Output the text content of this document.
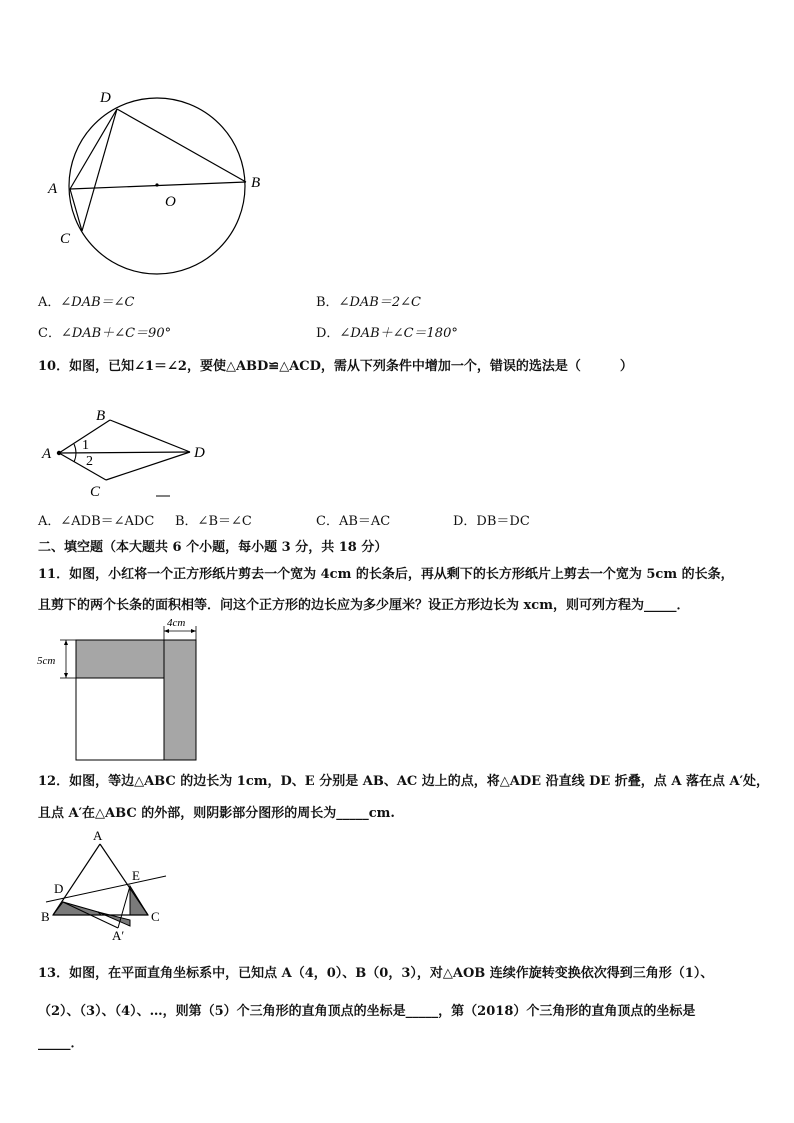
D
A	B
O
C
A．∠DAB＝∠C	B．∠DAB＝2∠C
C．∠DAB＋∠C＝90°	D．∠DAB＋∠C＝180°
10．如图，已知∠1＝∠2，要使△ABD≌△ACD，需从下列条件中增加一个，错误的选法是（　　　）
B
A	D
C
1
2
A．∠ADB＝∠ADC B．∠B＝∠C	C．AB＝AC	D．DB＝DC
二、填空题（本大题共 6 个小题，每小题 3 分，共 18 分）
11．如图，小红将一个正方形纸片剪去一个宽为 4cm 的长条后，再从剩下的长方形纸片上剪去一个宽为 5cm 的长条，
且剪下的两个长条的面积相等．问这个正方形的边长应为多少厘米？设正方形边长为 xcm，则可列方程为_____．
4cm
5cm
12．如图，等边△ABC 的边长为 1cm，D、E 分别是 AB、AC 边上的点，将△ADE 沿直线 DE 折叠，点 A 落在点 A′处，
且点 A′在△ABC 的外部，则阴影部分图形的周长为_____cm.
A
E
D
B	C
A′
13．如图，在平面直角坐标系中，已知点 A（4，0）、B（0，3），对△AOB 连续作旋转变换依次得到三角形（1）、
（2）、（3）、（4）、…，则第（5）个三角形的直角顶点的坐标是_____，第（2018）个三角形的直角顶点的坐标是
_____．
